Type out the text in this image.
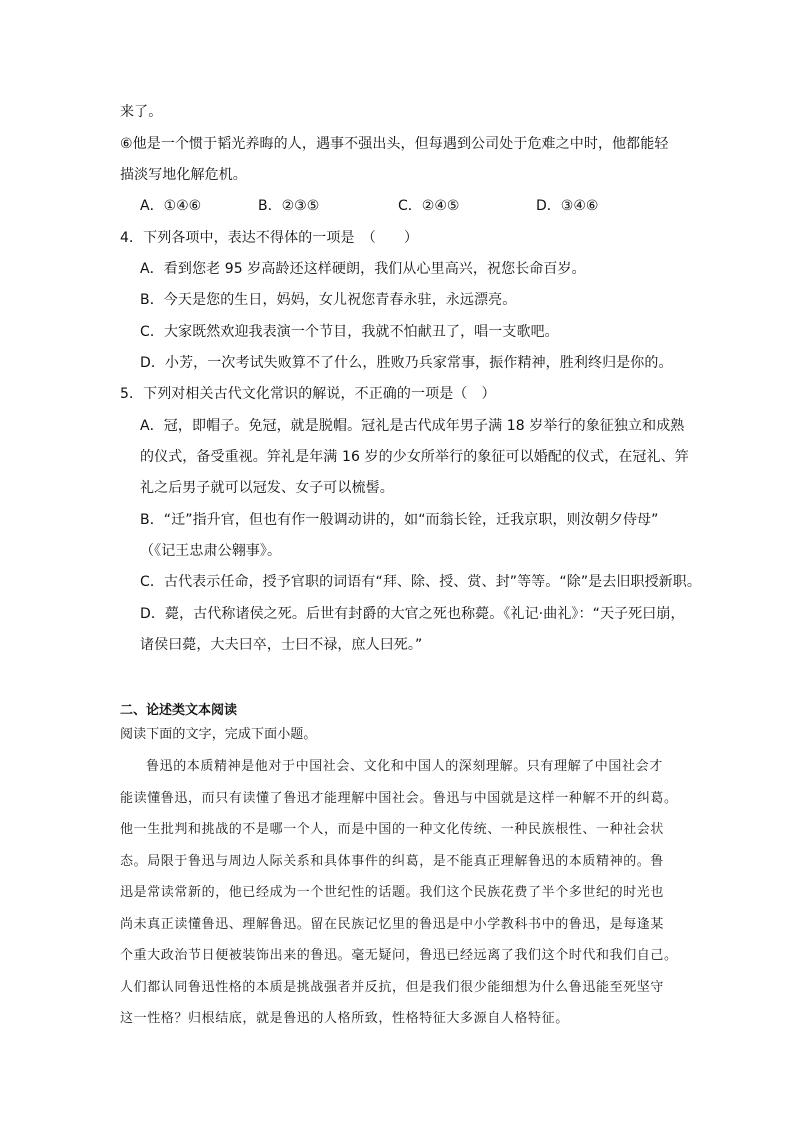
来了。
⑥他是一个惯于韬光养晦的人，遇事不强出头，但每遇到公司处于危难之中时，他都能轻
描淡写地化解危机。
A．①④⑥	B．②③⑤	C．②④⑤	D．③④⑥
4．下列各项中，表达不得体的一项是　（　　）
A．看到您老 95 岁高龄还这样硬朗，我们从心里高兴，祝您长命百岁。
B．今天是您的生日，妈妈，女儿祝您青春永驻，永远漂亮。
C．大家既然欢迎我表演一个节目，我就不怕献丑了，唱一支歌吧。
D．小芳，一次考试失败算不了什么，胜败乃兵家常事，振作精神，胜利终归是你的。
5．下列对相关古代文化常识的解说，不正确的一项是（　）
A．冠，即帽子。免冠，就是脱帽。冠礼是古代成年男子满 18 岁举行的象征独立和成熟
的仪式，备受重视。笄礼是年满 16 岁的少女所举行的象征可以婚配的仪式，在冠礼、笄
礼之后男子就可以冠发、女子可以梳髻。
B．“迁”指升官，但也有作一般调动讲的，如“而翁长铨，迁我京职，则汝朝夕侍母”
（《记王忠肃公翱事》。
C．古代表示任命，授予官职的词语有“拜、除、授、赏、封”等等。“除”是去旧职授新职。
D．薨，古代称诸侯之死。后世有封爵的大官之死也称薨。《礼记·曲礼》：“天子死曰崩，
诸侯曰薨，大夫曰卒，士曰不禄，庶人曰死。”
二、论述类文本阅读
阅读下面的文字，完成下面小题。
鲁迅的本质精神是他对于中国社会、文化和中国人的深刻理解。只有理解了中国社会才
能读懂鲁迅，而只有读懂了鲁迅才能理解中国社会。鲁迅与中国就是这样一种解不开的纠葛。
他一生批判和挑战的不是哪一个人，而是中国的一种文化传统、一种民族根性、一种社会状
态。局限于鲁迅与周边人际关系和具体事件的纠葛，是不能真正理解鲁迅的本质精神的。鲁
迅是常读常新的，他已经成为一个世纪性的话题。我们这个民族花费了半个多世纪的时光也
尚未真正读懂鲁迅、理解鲁迅。留在民族记忆里的鲁迅是中小学教科书中的鲁迅，是每逢某
个重大政治节日便被装饰出来的鲁迅。毫无疑问，鲁迅已经远离了我们这个时代和我们自己。
人们都认同鲁迅性格的本质是挑战强者并反抗，但是我们很少能细想为什么鲁迅能至死坚守
这一性格？归根结底，就是鲁迅的人格所致，性格特征大多源自人格特征。
